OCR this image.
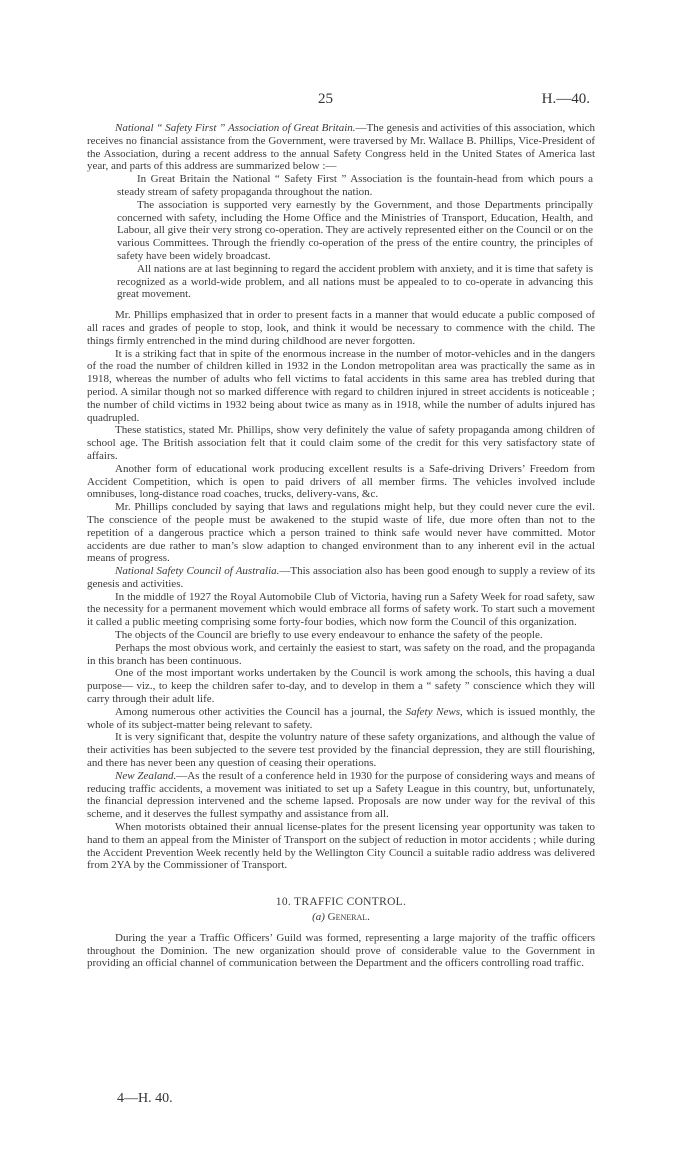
25	H.—40.

National “ Safety First ” Association of Great Britain.—The genesis and activities of this association, which receives no financial assistance from the Government, were traversed by Mr. Wallace B. Phillips, Vice-President of the Association, during a recent address to the annual Safety Congress held in the United States of America last year, and parts of this address are summarized below :—

In Great Britain the National “ Safety First ” Association is the fountain-head from which pours a steady stream of safety propaganda throughout the nation.

The association is supported very earnestly by the Government, and those Departments principally concerned with safety, including the Home Office and the Ministries of Transport, Education, Health, and Labour, all give their very strong co-operation. They are actively represented either on the Council or on the various Committees. Through the friendly co-operation of the press of the entire country, the principles of safety have been widely broadcast.

All nations are at last beginning to regard the accident problem with anxiety, and it is time that safety is recognized as a world-wide problem, and all nations must be appealed to to co-operate in advancing this great movement.

Mr. Phillips emphasized that in order to present facts in a manner that would educate a public composed of all races and grades of people to stop, look, and think it would be necessary to commence with the child. The things firmly entrenched in the mind during childhood are never forgotten.

It is a striking fact that in spite of the enormous increase in the number of motor-vehicles and in the dangers of the road the number of children killed in 1932 in the London metropolitan area was practically the same as in 1918, whereas the number of adults who fell victims to fatal accidents in this same area has trebled during that period. A similar though not so marked difference with regard to children injured in street accidents is noticeable ; the number of child victims in 1932 being about twice as many as in 1918, while the number of adults injured has quadrupled.

These statistics, stated Mr. Phillips, show very definitely the value of safety propaganda among children of school age. The British association felt that it could claim some of the credit for this very satisfactory state of affairs.

Another form of educational work producing excellent results is a Safe-driving Drivers’ Freedom from Accident Competition, which is open to paid drivers of all member firms. The vehicles involved include omnibuses, long-distance road coaches, trucks, delivery-vans, &c.

Mr. Phillips concluded by saying that laws and regulations might help, but they could never cure the evil. The conscience of the people must be awakened to the stupid waste of life, due more often than not to the repetition of a dangerous practice which a person trained to think safe would never have committed. Motor accidents are due rather to man’s slow adaption to changed environment than to any inherent evil in the actual means of progress.

National Safety Council of Australia.—This association also has been good enough to supply a review of its genesis and activities.

In the middle of 1927 the Royal Automobile Club of Victoria, having run a Safety Week for road safety, saw the necessity for a permanent movement which would embrace all forms of safety work. To start such a movement it called a public meeting comprising some forty-four bodies, which now form the Council of this organization.

The objects of the Council are briefly to use every endeavour to enhance the safety of the people.

Perhaps the most obvious work, and certainly the easiest to start, was safety on the road, and the propaganda in this branch has been continuous.

One of the most important works undertaken by the Council is work among the schools, this having a dual purpose— viz., to keep the children safer to-day, and to develop in them a “ safety ” conscience which they will carry through their adult life.

Among numerous other activities the Council has a journal, the Safety News, which is issued monthly, the whole of its subject-matter being relevant to safety.

It is very significant that, despite the voluntry nature of these safety organizations, and although the value of their activities has been subjected to the severe test provided by the financial depression, they are still flourishing, and there has never been any question of ceasing their operations.

New Zealand.—As the result of a conference held in 1930 for the purpose of considering ways and means of reducing traffic accidents, a movement was initiated to set up a Safety League in this country, but, unfortunately, the financial depression intervened and the scheme lapsed. Proposals are now under way for the revival of this scheme, and it deserves the fullest sympathy and assistance from all.

When motorists obtained their annual license-plates for the present licensing year opportunity was taken to hand to them an appeal from the Minister of Transport on the subject of reduction in motor accidents ; while during the Accident Prevention Week recently held by the Wellington City Council a suitable radio address was delivered from 2YA by the Commissioner of Transport.

10. TRAFFIC CONTROL.

(a) General.

During the year a Traffic Officers’ Guild was formed, representing a large majority of the traffic officers throughout the Dominion. The new organization should prove of considerable value to the Government in providing an official channel of communication between the Department and the officers controlling road traffic.

4—H. 40.
